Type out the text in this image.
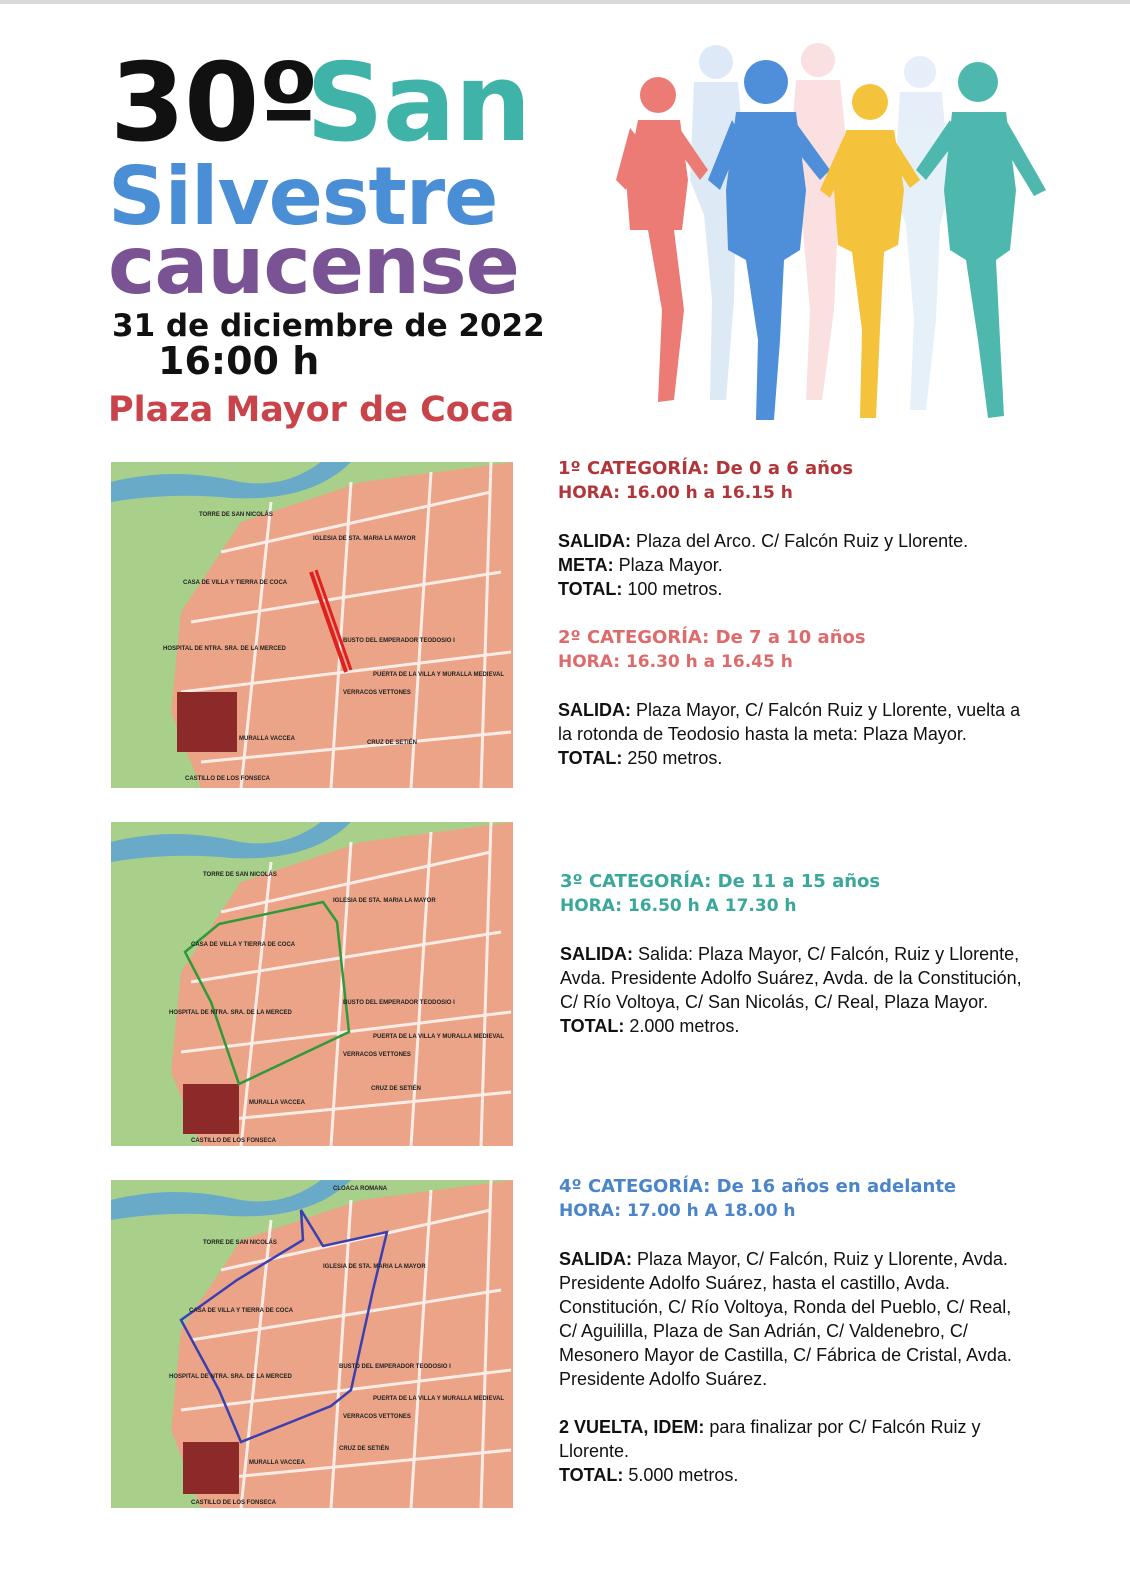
30º
San
Silvestre
caucense
31 de diciembre de 2022
16:00 h
Plaza Mayor de Coca
TORRE DE SAN NICOLÁS
IGLESIA DE STA. MARIA LA MAYOR
CASA DE VILLA Y TIERRA DE COCA
HOSPITAL DE NTRA. SRA. DE LA MERCED
BUSTO DEL EMPERADOR TEODOSIO I
PUERTA DE LA VILLA Y MURALLA MEDIEVAL
VERRACOS VETTONES
CRUZ DE SETIÉN
MURALLA VACCEA
CASTILLO DE LOS FONSECA
TORRE DE SAN NICOLÁS
IGLESIA DE STA. MARIA LA MAYOR
CASA DE VILLA Y TIERRA DE COCA
HOSPITAL DE NTRA. SRA. DE LA MERCED
BUSTO DEL EMPERADOR TEODOSIO I
PUERTA DE LA VILLA Y MURALLA MEDIEVAL
VERRACOS VETTONES
CRUZ DE SETIÉN
MURALLA VACCEA
CASTILLO DE LOS FONSECA
CLOACA ROMANA
TORRE DE SAN NICOLÁS
IGLESIA DE STA. MARIA LA MAYOR
CASA DE VILLA Y TIERRA DE COCA
HOSPITAL DE NTRA. SRA. DE LA MERCED
BUSTO DEL EMPERADOR TEODOSIO I
PUERTA DE LA VILLA Y MURALLA MEDIEVAL
VERRACOS VETTONES
CRUZ DE SETIÉN
MURALLA VACCEA
CASTILLO DE LOS FONSECA
1º CATEGORÍA: De 0 a 6 años
HORA: 16.00 h a 16.15 h

SALIDA: Plaza del Arco. C/ Falcón Ruiz y Llorente.

META: Plaza Mayor.

TOTAL: 100 metros.

2º CATEGORÍA: De 7 a 10 años
HORA: 16.30 h a 16.45 h

SALIDA: Plaza Mayor, C/ Falcón Ruiz y Llorente, vuelta a la rotonda de Teodosio hasta la meta: Plaza Mayor.

TOTAL: 250 metros.

3º CATEGORÍA: De 11 a 15 años
HORA: 16.50 h A 17.30 h

SALIDA: Salida: Plaza Mayor, C/ Falcón, Ruiz y Llorente, Avda. Presidente Adolfo Suárez, Avda. de la Constitución, C/ Río Voltoya, C/ San Nicolás, C/ Real, Plaza Mayor.

TOTAL: 2.000 metros.

4º CATEGORÍA: De 16 años en adelante
HORA: 17.00 h A 18.00 h

SALIDA: Plaza Mayor, C/ Falcón, Ruiz y Llorente, Avda. Presidente Adolfo Suárez, hasta el castillo, Avda. Constitución, C/ Río Voltoya, Ronda del Pueblo, C/ Real, C/ Aguililla, Plaza de San Adrián, C/ Valdenebro, C/ Mesonero Mayor de Castilla, C/ Fábrica de Cristal, Avda. Presidente Adolfo Suárez.

2 VUELTA, IDEM: para finalizar por C/ Falcón Ruiz y Llorente.

TOTAL: 5.000 metros.
